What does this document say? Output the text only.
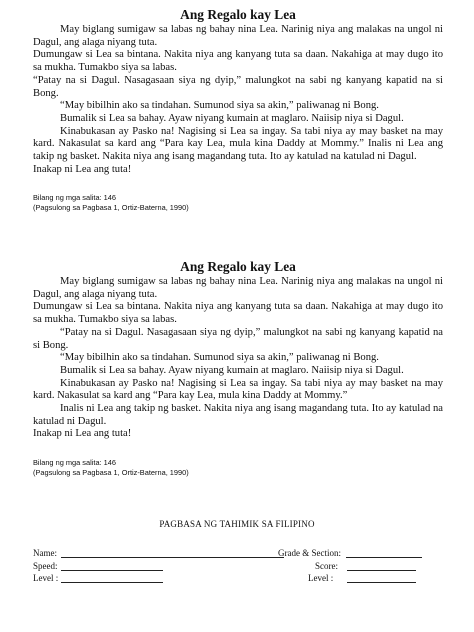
Ang Regalo kay Lea

May biglang sumigaw sa labas ng bahay nina Lea. Narinig niya ang malakas na ungol ni Dagul, ang alaga niyang tuta.

Dumungaw si Lea sa bintana. Nakita niya ang kanyang tuta sa daan. Nakahiga at may dugo ito sa mukha. Tumakbo siya sa labas.

“Patay na si Dagul. Nasagasaan siya ng dyip,” malungkot na sabi ng kanyang kapatid na si Bong.

“May bibilhin ako sa tindahan. Sumunod siya sa akin,” paliwanag ni Bong.

Bumalik si Lea sa bahay. Ayaw niyang kumain at maglaro. Naiisip niya si Dagul.

Kinabukasan ay Pasko na! Nagising si Lea sa ingay. Sa tabi niya ay may basket na may kard. Nakasulat sa kard ang “Para kay Lea, mula kina Daddy at Mommy.” Inalis ni Lea ang takip ng basket. Nakita niya ang isang magandang tuta. Ito ay katulad na katulad ni Dagul.

Inakap ni Lea ang tuta!

Bilang ng mga salita: 146

(Pagsulong sa Pagbasa 1, Ortiz-Baterna, 1990)

Ang Regalo kay Lea

May biglang sumigaw sa labas ng bahay nina Lea. Narinig niya ang malakas na ungol ni Dagul, ang alaga niyang tuta.

Dumungaw si Lea sa bintana. Nakita niya ang kanyang tuta sa daan. Nakahiga at may dugo ito sa mukha. Tumakbo siya sa labas.

“Patay na si Dagul. Nasagasaan siya ng dyip,” malungkot na sabi ng kanyang kapatid na si Bong.

“May bibilhin ako sa tindahan. Sumunod siya sa akin,” paliwanag ni Bong.

Bumalik si Lea sa bahay. Ayaw niyang kumain at maglaro. Naiisip niya si Dagul.

Kinabukasan ay Pasko na! Nagising si Lea sa ingay. Sa tabi niya ay may basket na may kard. Nakasulat sa kard ang “Para kay Lea, mula kina Daddy at Mommy.”

Inalis ni Lea ang takip ng basket. Nakita niya ang isang magandang tuta. Ito ay katulad na katulad ni Dagul.

Inakap ni Lea ang tuta!

Bilang ng mga salita: 146

(Pagsulong sa Pagbasa 1, Ortiz-Baterna, 1990)

PAGBASA NG TAHIMIK SA FILIPINO
Name:	Grade & Section:
Speed:	Score:
Level :	Level :
